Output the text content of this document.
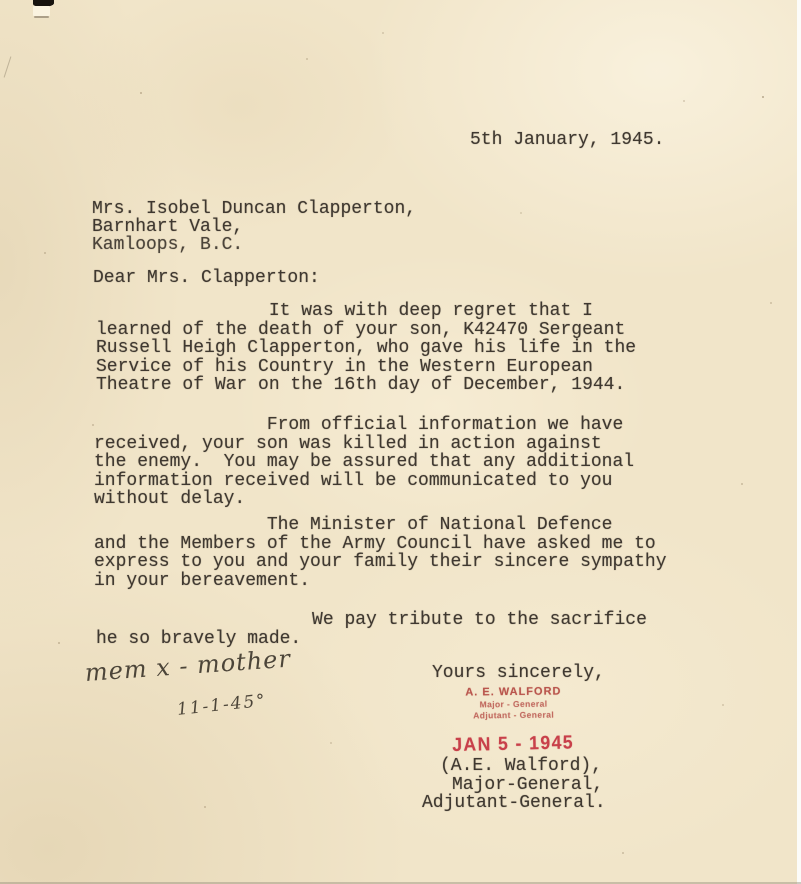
5th January, 1945.
Mrs. Isobel Duncan Clapperton,
Barnhart Vale,
Kamloops, B.C.
Dear Mrs. Clapperton:
It was with deep regret that I
learned of the death of your son, K42470 Sergeant
Russell Heigh Clapperton, who gave his life in the
Service of his Country in the Western European
Theatre of War on the 16th day of December, 1944.
From official information we have
received, your son was killed in action against
the enemy.  You may be assured that any additional
information received will be communicated to you
without delay.
The Minister of National Defence
and the Members of the Army Council have asked me to
express to you and your family their sincere sympathy
in your bereavement.
We pay tribute to the sacrifice
he so bravely made.
mem x - mother
11-1-45°
Yours sincerely,
A. E. WALFORD
Major - General
Adjutant - General
JAN 5 - 1945
(A.E. Walford),
Major-General,
Adjutant-General.
